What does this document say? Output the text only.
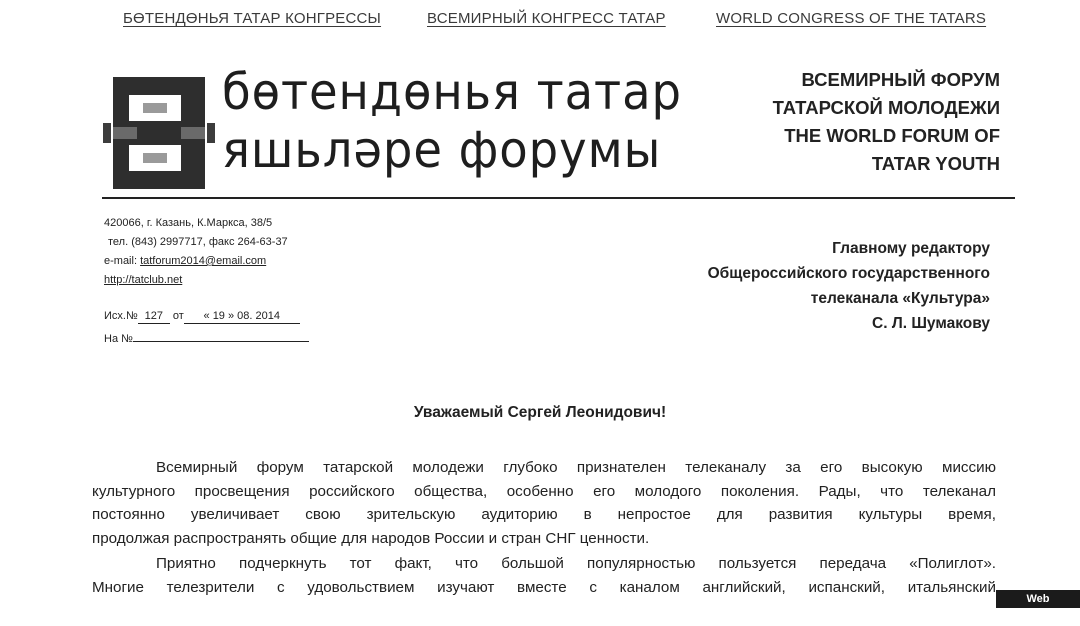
БӨТЕНДӨНЬЯ ТАТАР КОНГРЕССЫ	ВСЕМИРНЫЙ КОНГРЕСС ТАТАР	WORLD CONGRESS OF THE TATARS
бөтендөнья татар
яшьләре форумы
ВСЕМИРНЫЙ ФОРУМ
ТАТАРСКОЙ МОЛОДЕЖИ
THE WORLD FORUM OF
TATAR YOUTH
420066, г. Казань, К.Маркса, 38/5
тел. (843) 2997717, факс 264-63-37
e-mail: tatforum2014@email.com
http://tatclub.net
Исх.№ 127 от « 19 » 08. 2014
На №
Главному редактору
Общероссийского государственного
телеканала «Культура»
С. Л. Шумакову
Уважаемый Сергей Леонидович!
Всемирный форум татарской молодежи глубоко признателен телеканалу за его высокую миссию
культурного просвещения российского общества, особенно его молодого поколения. Рады, что телеканал
постоянно увеличивает свою зрительскую аудиторию в непростое для развития культуры время,
продолжая распространять общие для народов России и стран СНГ ценности.
Приятно подчеркнуть тот факт, что большой популярностью пользуется передача «Полиглот».
Многие телезрители с удовольствием изучают вместе с каналом английский, испанский, итальянский
Web Screenshot
